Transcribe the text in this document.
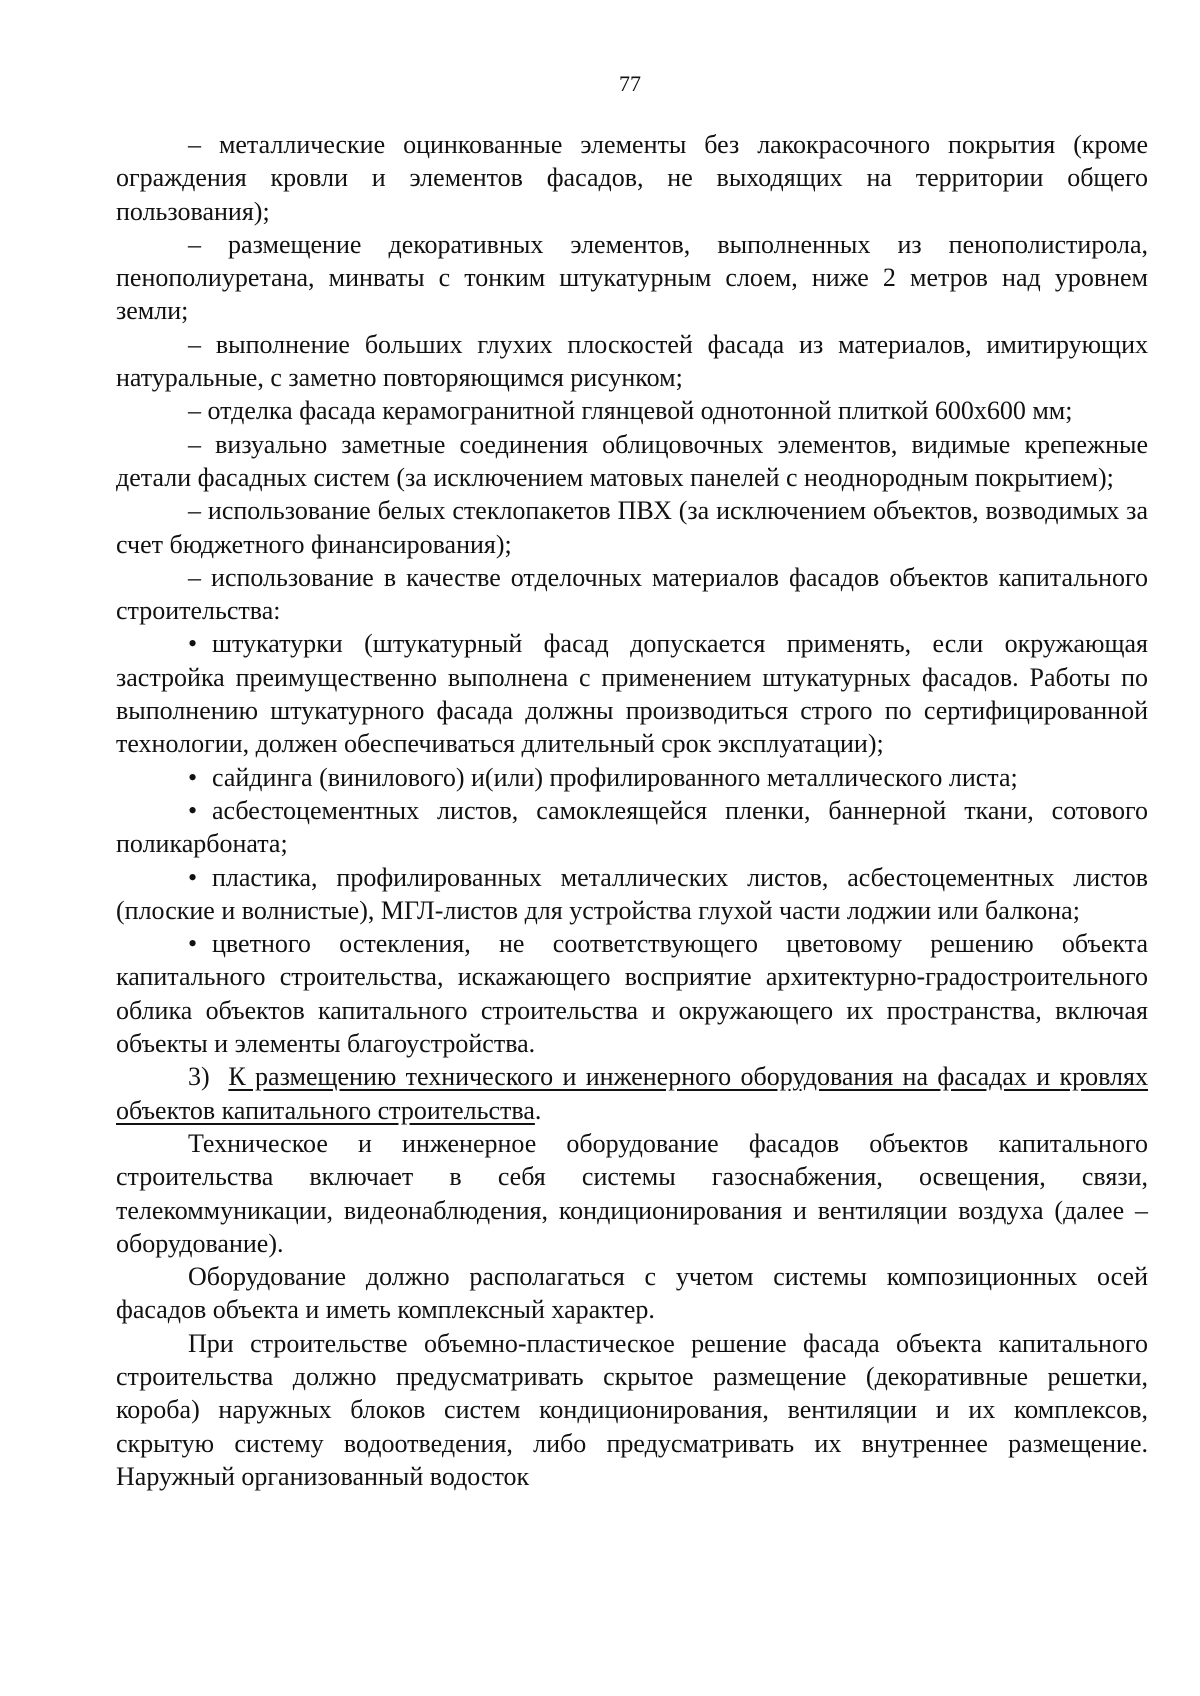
77

– металлические оцинкованные элементы без лакокрасочного покрытия (кроме ограждения кровли и элементов фасадов, не выходящих на территории общего пользования);

– размещение декоративных элементов, выполненных из пенополистирола, пенополиуретана, минваты с тонким штукатурным слоем, ниже 2 метров над уровнем земли;

– выполнение больших глухих плоскостей фасада из материалов, имитирующих натуральные, с заметно повторяющимся рисунком;

– отделка фасада керамогранитной глянцевой однотонной плиткой 600x600 мм;

– визуально заметные соединения облицовочных элементов, видимые крепежные детали фасадных систем (за исключением матовых панелей с неоднородным покрытием);

– использование белых стеклопакетов ПВХ (за исключением объектов, возводимых за счет бюджетного финансирования);

– использование в качестве отделочных материалов фасадов объектов капитального строительства:

• штукатурки (штукатурный фасад допускается применять, если окружающая застройка преимущественно выполнена с применением штукатурных фасадов. Работы по выполнению штукатурного фасада должны производиться строго по сертифицированной технологии, должен обеспечиваться длительный срок эксплуатации);

• сайдинга (винилового) и(или) профилированного металлического листа;

• асбестоцементных листов, самоклеящейся пленки, баннерной ткани, сотового поликарбоната;

• пластика, профилированных металлических листов, асбестоцементных листов (плоские и волнистые), МГЛ-листов для устройства глухой части лоджии или балкона;

• цветного остекления, не соответствующего цветовому решению объекта капитального строительства, искажающего восприятие архитектурно-градостроительного облика объектов капитального строительства и окружающего их пространства, включая объекты и элементы благоустройства.

3) К размещению технического и инженерного оборудования на фасадах и кровлях объектов капитального строительства.

Техническое и инженерное оборудование фасадов объектов капитального строительства включает в себя системы газоснабжения, освещения, связи, телекоммуникации, видеонаблюдения, кондиционирования и вентиляции воздуха (далее – оборудование).

Оборудование должно располагаться с учетом системы композиционных осей фасадов объекта и иметь комплексный характер.

При строительстве объемно-пластическое решение фасада объекта капитального строительства должно предусматривать скрытое размещение (декоративные решетки, короба) наружных блоков систем кондиционирования, вентиляции и их комплексов, скрытую систему водоотведения, либо предусматривать их внутреннее размещение. Наружный организованный водосток
